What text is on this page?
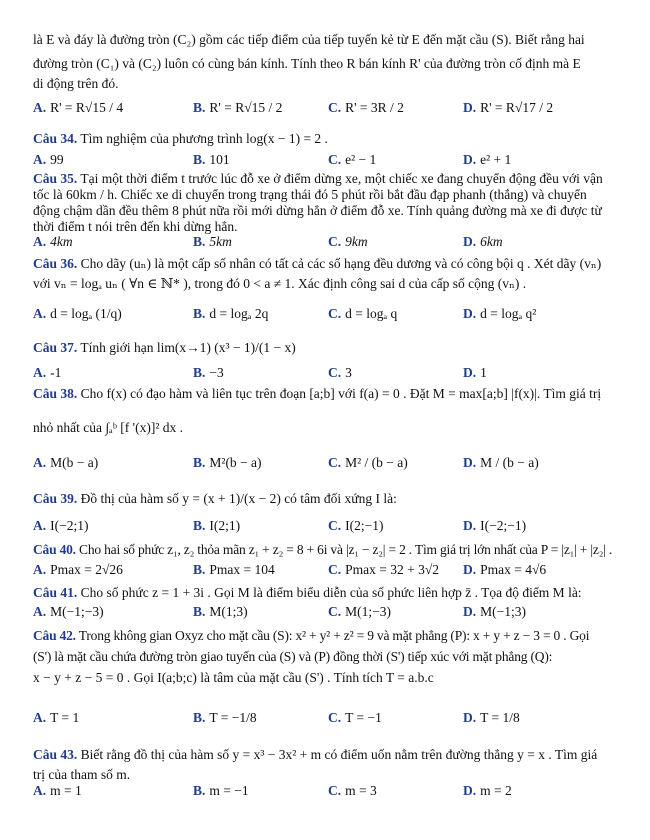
là E và đáy là đường tròn (C₂) gồm các tiếp điểm của tiếp tuyến kẻ từ E đến mặt cầu (S). Biết rằng hai
đường tròn (C₁) và (C₂) luôn có cùng bán kính. Tính theo R bán kính R' của đường tròn cố định mà E
di động trên đó.
A. R' = R√15 / 4	B. R' = R√15 / 2	C. R' = 3R / 2	D. R' = R√17 / 2
Câu 34. Tìm nghiệm của phương trình log(x − 1) = 2 .
A. 99	B. 101	C. e² − 1	D. e² + 1
Câu 35. Tại một thời điểm t trước lúc đỗ xe ở điểm dừng xe, một chiếc xe đang chuyển động đều với vận
tốc là 60km / h. Chiếc xe di chuyển trong trạng thái đó 5 phút rồi bắt đầu đạp phanh (thắng) và chuyển
động chậm dần đều thêm 8 phút nữa rồi mới dừng hẳn ở điểm đỗ xe. Tính quảng đường mà xe đi được từ
thời điểm t nói trên đến khi dừng hẳn.
A. 4km	B. 5km	C. 9km	D. 6km
Câu 36. Cho dãy (uₙ) là một cấp số nhân có tất cả các số hạng đều dương và có công bội q . Xét dãy (vₙ)
với vₙ = logₐ uₙ ( ∀n ∈ ℕ* ), trong đó 0 < a ≠ 1. Xác định công sai d của cấp số cộng (vₙ) .
A. d = logₐ (1/q)	B. d = logₐ 2q	C. d = logₐ q	D. d = logₐ q²
Câu 37. Tính giới hạn lim(x→1) (x³ − 1)/(1 − x)
A. -1	B. −3	C. 3	D. 1
Câu 38. Cho f(x) có đạo hàm và liên tục trên đoạn [a;b] với f(a) = 0 . Đặt M = max[a;b] |f(x)|. Tìm giá trị
nhỏ nhất của ∫ₐᵇ [f '(x)]² dx .
A. M(b − a)	B. M²(b − a)	C. M² / (b − a)	D. M / (b − a)
Câu 39. Đồ thị của hàm số y = (x + 1)/(x − 2) có tâm đối xứng I là:
A. I(−2;1)	B. I(2;1)	C. I(2;−1)	D. I(−2;−1)
Câu 40. Cho hai số phức z₁, z₂ thỏa mãn z₁ + z₂ = 8 + 6i và |z₁ − z₂| = 2 . Tìm giá trị lớn nhất của P = |z₁| + |z₂| .
A. Pmax = 2√26	B. Pmax = 104	C. Pmax = 32 + 3√2 D. Pmax = 4√6
Câu 41. Cho số phức z = 1 + 3i . Gọi M là điểm biểu diễn của số phức liên hợp z̄ . Tọa độ điểm M là:
A. M(−1;−3)	B. M(1;3)	C. M(1;−3)	D. M(−1;3)
Câu 42. Trong không gian Oxyz cho mặt cầu (S): x² + y² + z² = 9 và mặt phẳng (P): x + y + z − 3 = 0 . Gọi
(S') là mặt cầu chứa đường tròn giao tuyến của (S) và (P) đồng thời (S') tiếp xúc với mặt phẳng (Q):
x − y + z − 5 = 0 . Gọi I(a;b;c) là tâm của mặt cầu (S') . Tính tích T = a.b.c
A. T = 1	B. T = −1/8	C. T = −1	D. T = 1/8
Câu 43. Biết rằng đồ thị của hàm số y = x³ − 3x² + m có điểm uốn nằm trên đường thẳng y = x . Tìm giá
trị của tham số m.
A. m = 1	B. m = −1	C. m = 3	D. m = 2
